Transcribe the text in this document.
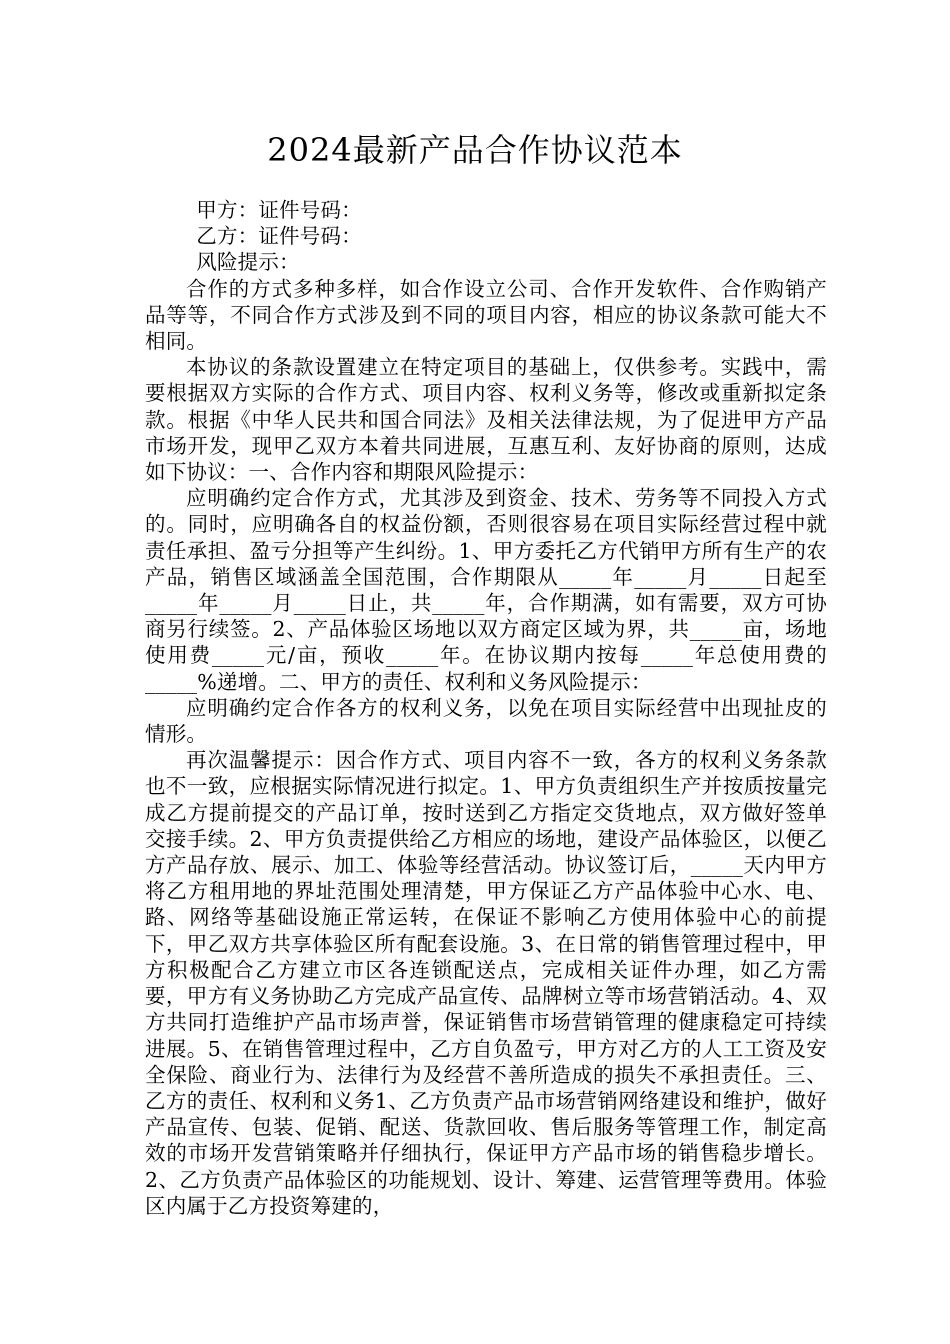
2024最新产品合作协议范本

甲方：证件号码：

乙方：证件号码：

风险提示：

合作的方式多种多样，如合作设立公司、合作开发软件、合作购销产品等等，不同合作方式涉及到不同的项目内容，相应的协议条款可能大不相同。

本协议的条款设置建立在特定项目的基础上，仅供参考。实践中，需要根据双方实际的合作方式、项目内容、权利义务等，修改或重新拟定条款。根据《中华人民共和国合同法》及相关法律法规，为了促进甲方产品市场开发，现甲乙双方本着共同进展，互惠互利、友好协商的原则，达成如下协议：一、合作内容和期限风险提示：

应明确约定合作方式，尤其涉及到资金、技术、劳务等不同投入方式的。同时，应明确各自的权益份额，否则很容易在项目实际经营过程中就责任承担、盈亏分担等产生纠纷。1、甲方委托乙方代销甲方所有生产的农产品，销售区域涵盖全国范围，合作期限从_____年_____月_____日起至_____年_____月_____日止，共_____年，合作期满，如有需要，双方可协商另行续签。2、产品体验区场地以双方商定区域为界，共_____亩，场地使用费_____元/亩，预收_____年。在协议期内按每_____年总使用费的_____%递增。二、甲方的责任、权利和义务风险提示：

应明确约定合作各方的权利义务，以免在项目实际经营中出现扯皮的情形。

再次温馨提示：因合作方式、项目内容不一致，各方的权利义务条款也不一致，应根据实际情况进行拟定。1、甲方负责组织生产并按质按量完成乙方提前提交的产品订单，按时送到乙方指定交货地点，双方做好签单交接手续。2、甲方负责提供给乙方相应的场地，建设产品体验区，以便乙方产品存放、展示、加工、体验等经营活动。协议签订后，_____天内甲方将乙方租用地的界址范围处理清楚，甲方保证乙方产品体验中心水、电、路、网络等基础设施正常运转，在保证不影响乙方使用体验中心的前提下，甲乙双方共享体验区所有配套设施。3、在日常的销售管理过程中，甲方积极配合乙方建立市区各连锁配送点，完成相关证件办理，如乙方需要，甲方有义务协助乙方完成产品宣传、品牌树立等市场营销活动。4、双方共同打造维护产品市场声誉，保证销售市场营销管理的健康稳定可持续进展。5、在销售管理过程中，乙方自负盈亏，甲方对乙方的人工工资及安全保险、商业行为、法律行为及经营不善所造成的损失不承担责任。三、乙方的责任、权利和义务1、乙方负责产品市场营销网络建设和维护，做好产品宣传、包装、促销、配送、货款回收、售后服务等管理工作，制定高效的市场开发营销策略并仔细执行，保证甲方产品市场的销售稳步增长。2、乙方负责产品体验区的功能规划、设计、筹建、运营管理等费用。体验区内属于乙方投资筹建的，
